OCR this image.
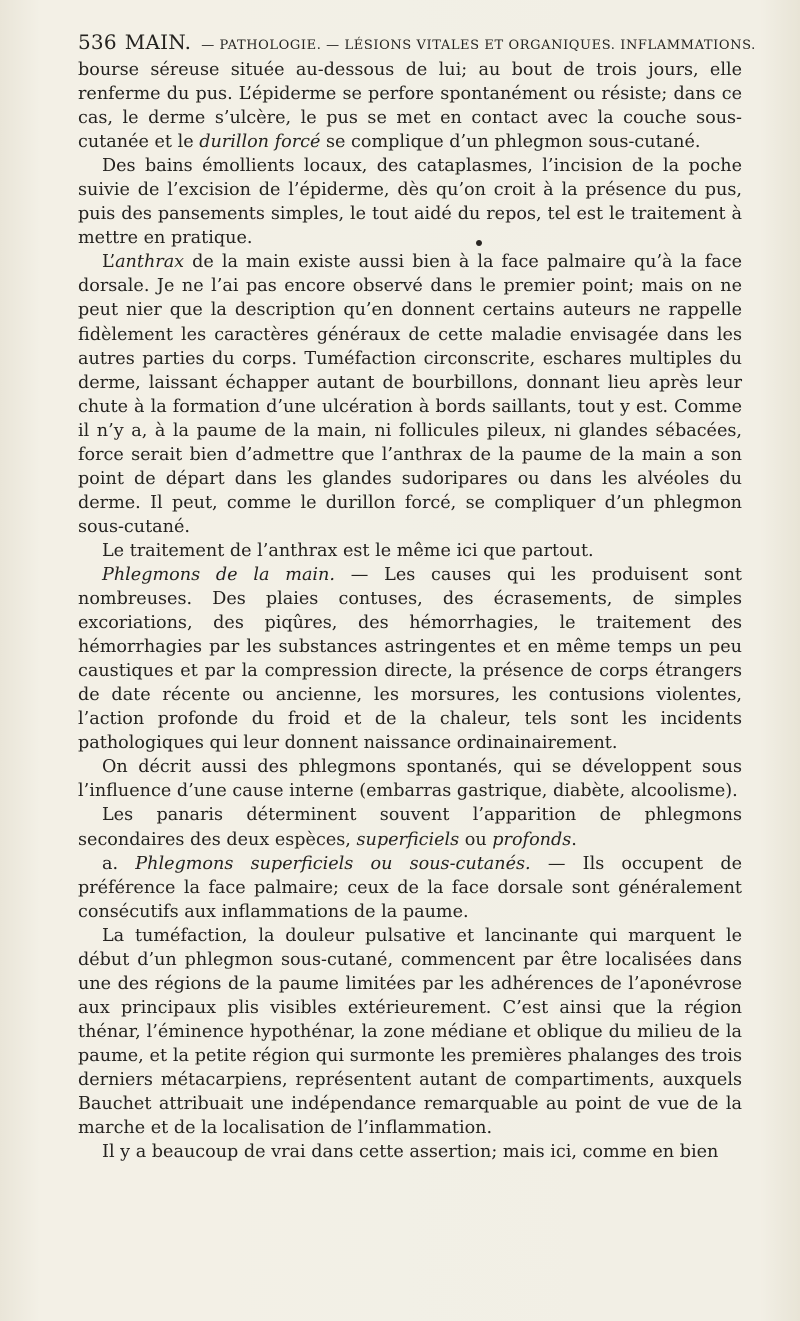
536 MAIN. — PATHOLOGIE. — LÉSIONS VITALES ET ORGANIQUES. INFLAMMATIONS.

bourse séreuse située au-dessous de lui; au bout de trois jours, elle renferme du pus. L’épiderme se perfore spontanément ou résiste; dans ce cas, le derme s’ulcère, le pus se met en contact avec la couche sous-cutanée et le durillon forcé se complique d’un phlegmon sous-cutané.

Des bains émollients locaux, des cataplasmes, l’incision de la poche suivie de l’excision de l’épiderme, dès qu’on croit à la présence du pus, puis des pansements simples, le tout aidé du repos, tel est le traitement à mettre en pratique.

L’anthrax de la main existe aussi bien à la face palmaire qu’à la face dorsale. Je ne l’ai pas encore observé dans le premier point; mais on ne peut nier que la description qu’en donnent certains auteurs ne rappelle fidèlement les caractères généraux de cette maladie envisagée dans les autres parties du corps. Tuméfaction circonscrite, eschares multiples du derme, laissant échapper autant de bourbillons, donnant lieu après leur chute à la formation d’une ulcération à bords saillants, tout y est. Comme il n’y a, à la paume de la main, ni follicules pileux, ni glandes sébacées, force serait bien d’admettre que l’anthrax de la paume de la main a son point de départ dans les glandes sudoripares ou dans les alvéoles du derme. Il peut, comme le durillon forcé, se compliquer d’un phlegmon sous-cutané.

Le traitement de l’anthrax est le même ici que partout.

Phlegmons de la main. — Les causes qui les produisent sont nombreuses. Des plaies contuses, des écrasements, de simples excoriations, des piqûres, des hémorrhagies, le traitement des hémorrhagies par les substances astringentes et en même temps un peu caustiques et par la compression directe, la présence de corps étrangers de date récente ou ancienne, les morsures, les contusions violentes, l’action profonde du froid et de la chaleur, tels sont les incidents pathologiques qui leur donnent naissance ordinainairement.

On décrit aussi des phlegmons spontanés, qui se développent sous l’influence d’une cause interne (embarras gastrique, diabète, alcoolisme).

Les panaris déterminent souvent l’apparition de phlegmons secondaires des deux espèces, superficiels ou profonds.

a. Phlegmons superficiels ou sous-cutanés. — Ils occupent de préférence la face palmaire; ceux de la face dorsale sont généralement consécutifs aux inflammations de la paume.

La tuméfaction, la douleur pulsative et lancinante qui marquent le début d’un phlegmon sous-cutané, commencent par être localisées dans une des régions de la paume limitées par les adhérences de l’aponévrose aux principaux plis visibles extérieurement. C’est ainsi que la région thénar, l’éminence hypothénar, la zone médiane et oblique du milieu de la paume, et la petite région qui surmonte les premières phalanges des trois derniers métacarpiens, représentent autant de compartiments, auxquels Bauchet attribuait une indépendance remarquable au point de vue de la marche et de la localisation de l’inflammation.

Il y a beaucoup de vrai dans cette assertion; mais ici, comme en bien
